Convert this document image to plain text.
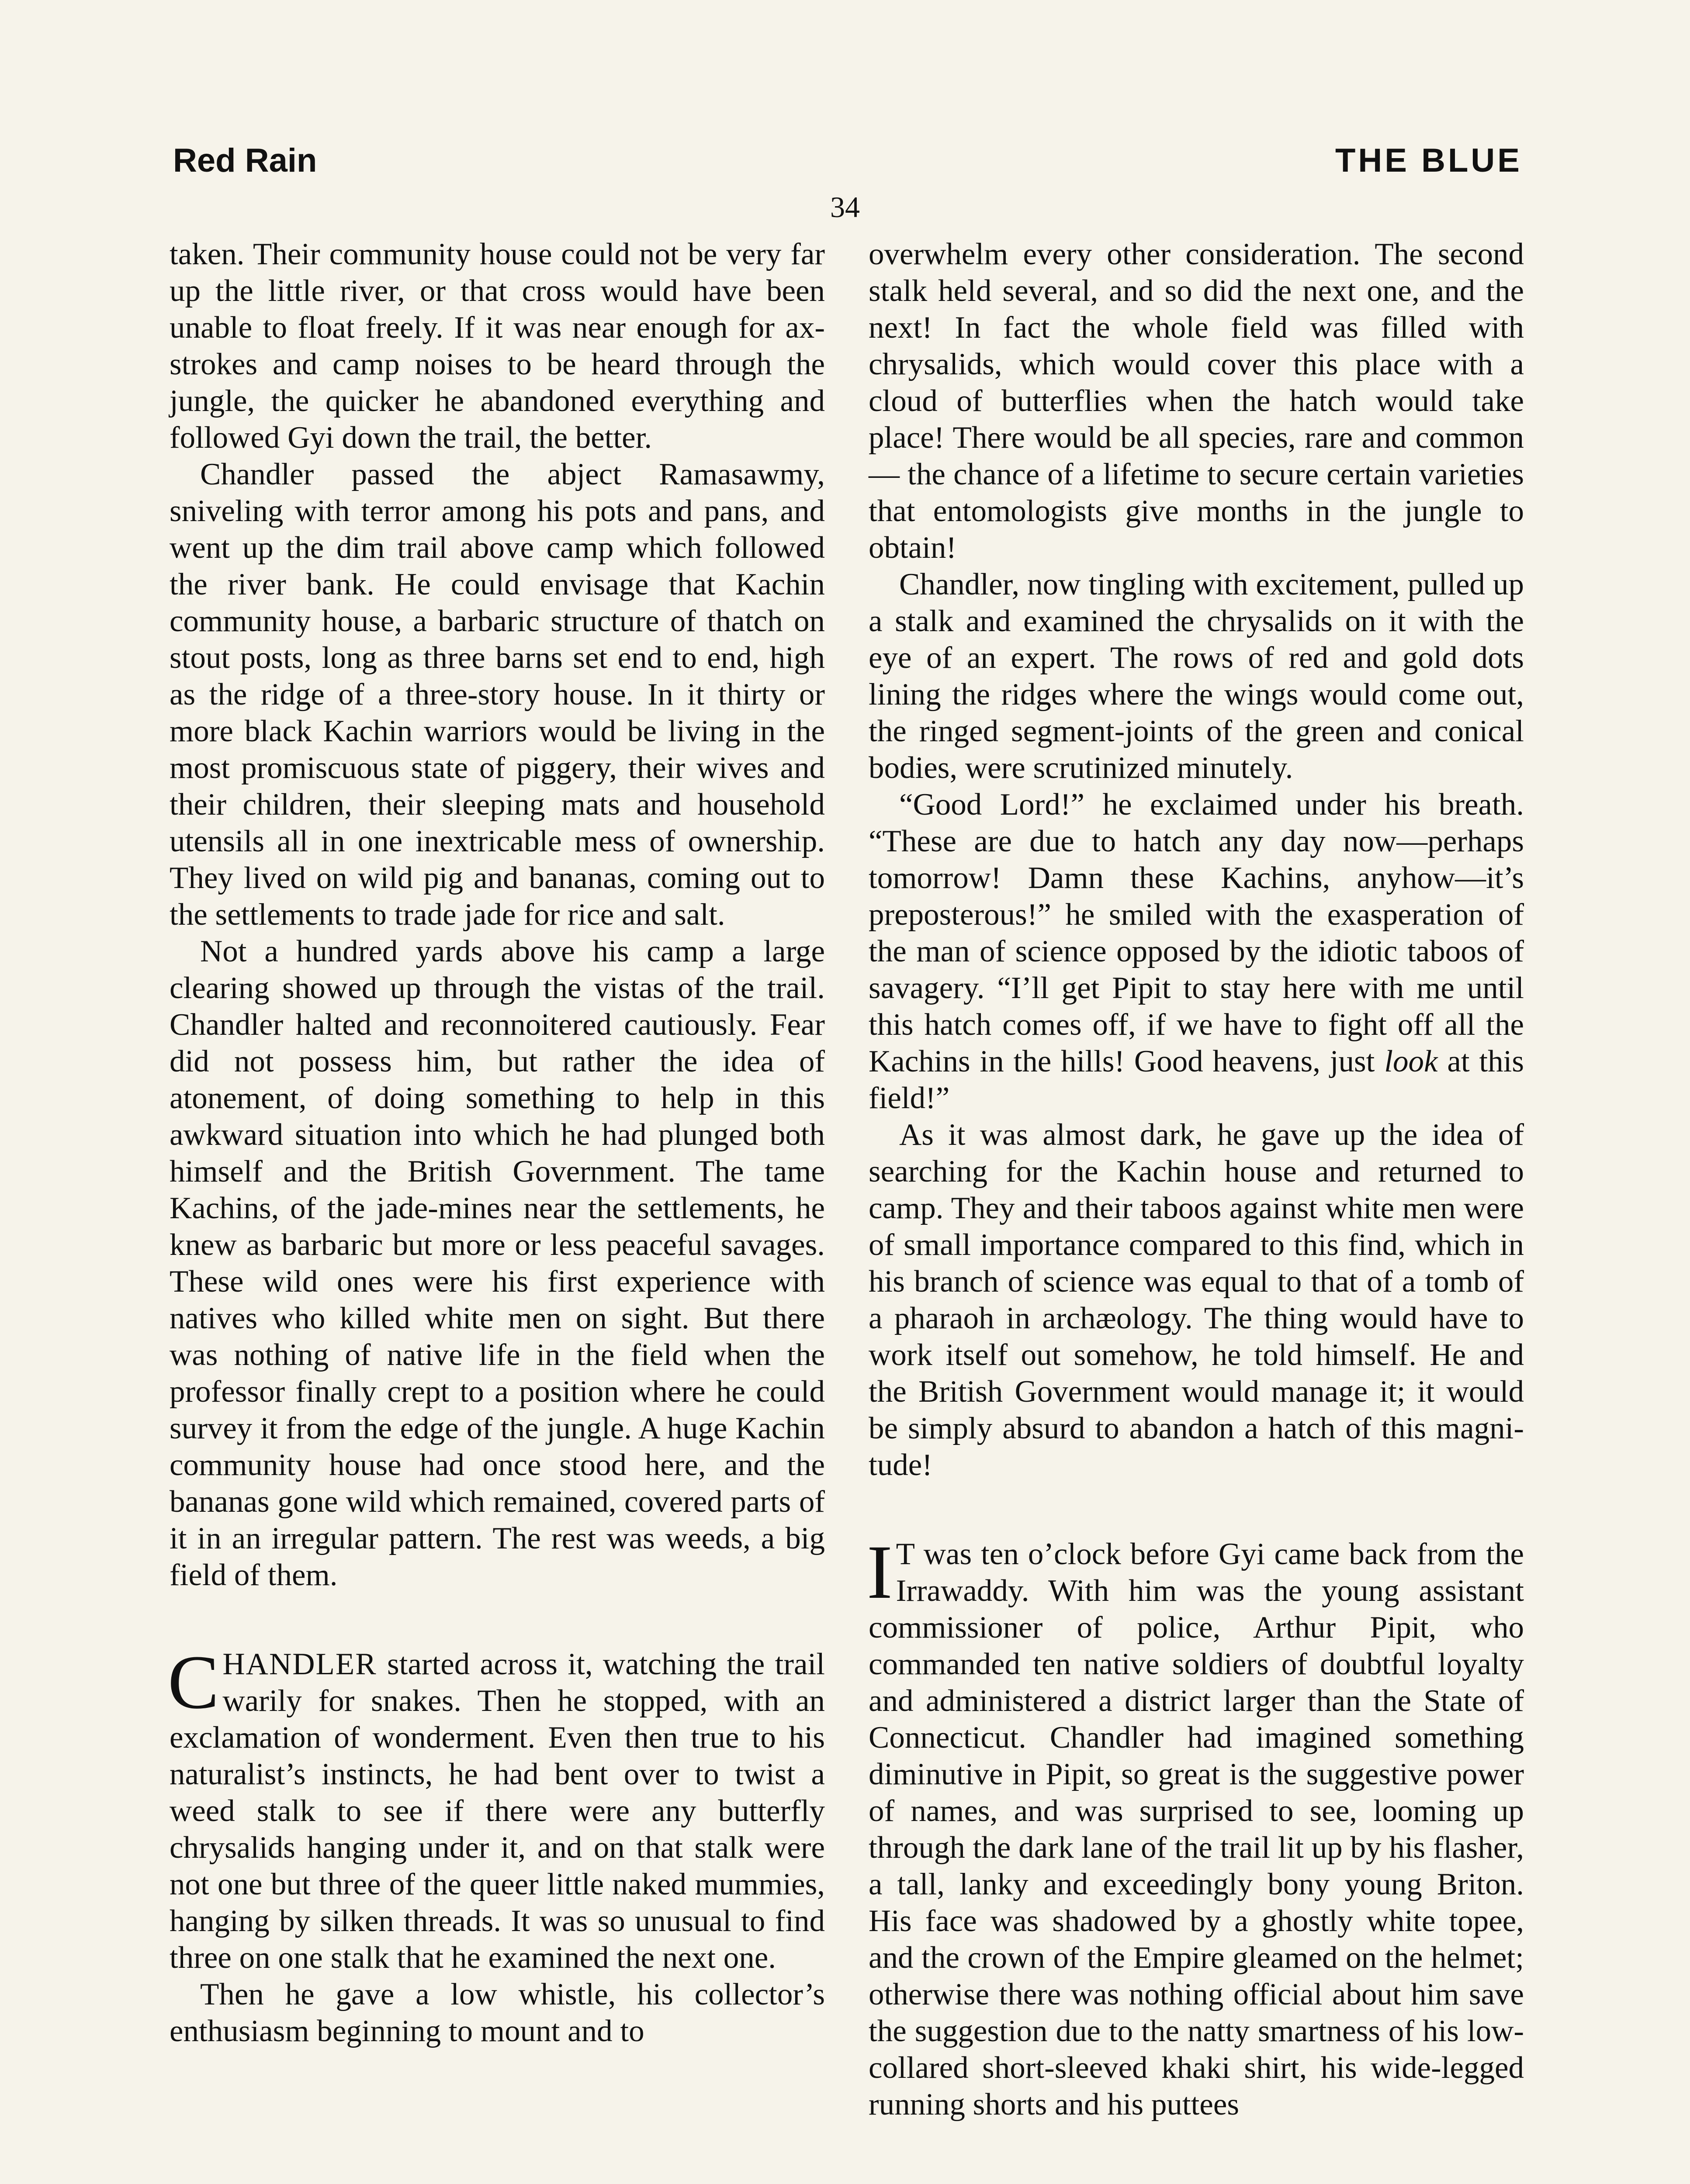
Red Rain	THE BLUE
34

taken. Their community house could not be very far up the little river, or that cross would have been unable to float freely. If it was near enough for ax-strokes and camp noises to be heard through the jungle, the quicker he abandoned everything and followed Gyi down the trail, the better.

Chandler passed the abject Ramasawmy, sniveling with terror among his pots and pans, and went up the dim trail above camp which followed the river bank. He could envisage that Kachin community house, a barbaric structure of thatch on stout posts, long as three barns set end to end, high as the ridge of a three-story house. In it thirty or more black Kachin warriors would be living in the most promiscuous state of piggery, their wives and their children, their sleeping mats and household utensils all in one inextricable mess of ownership. They lived on wild pig and bananas, coming out to the settlements to trade jade for rice and salt.

Not a hundred yards above his camp a large clearing showed up through the vistas of the trail. Chandler halted and reconnoitered cautiously. Fear did not possess him, but rather the idea of atonement, of doing something to help in this awkward situation into which he had plunged both himself and the British Government. The tame Kachins, of the jade-mines near the settlements, he knew as barbaric but more or less peaceful savages. These wild ones were his first experience with natives who killed white men on sight. But there was nothing of native life in the field when the professor finally crept to a position where he could survey it from the edge of the jungle. A huge Kachin community house had once stood here, and the bananas gone wild which remained, covered parts of it in an irregular pattern. The rest was weeds, a big field of them.

CHANDLER started across it, watching the trail warily for snakes. Then he stopped, with an exclamation of wonderment. Even then true to his naturalist’s instincts, he had bent over to twist a weed stalk to see if there were any butterfly chrysalids hanging under it, and on that stalk were not one but three of the queer little naked mummies, hanging by silken threads. It was so unusual to find three on one stalk that he examined the next one.

Then he gave a low whistle, his collector’s enthusiasm beginning to mount and to

overwhelm every other consideration. The second stalk held several, and so did the next one, and the next! In fact the whole field was filled with chrysalids, which would cover this place with a cloud of butterflies when the hatch would take place! There would be all species, rare and common— the chance of a lifetime to secure certain varieties that entomologists give months in the jungle to obtain!

Chandler, now tingling with excitement, pulled up a stalk and examined the chrysalids on it with the eye of an expert. The rows of red and gold dots lining the ridges where the wings would come out, the ringed segment-joints of the green and conical bodies, were scrutinized minutely.

“Good Lord!” he exclaimed under his breath. “These are due to hatch any day now—perhaps tomorrow! Damn these Kachins, anyhow—it’s preposterous!” he smiled with the exasperation of the man of science opposed by the idiotic taboos of savagery. “I’ll get Pipit to stay here with me until this hatch comes off, if we have to fight off all the Kachins in the hills! Good heavens, just look at this field!”

As it was almost dark, he gave up the idea of searching for the Kachin house and returned to camp. They and their taboos against white men were of small importance compared to this find, which in his branch of science was equal to that of a tomb of a pharaoh in archæology. The thing would have to work itself out somehow, he told himself. He and the British Government would manage it; it would be simply absurd to abandon a hatch of this magnitude!

I T was ten o’clock before Gyi came back from the Irrawaddy. With him was the young assistant commissioner of police, Arthur Pipit, who commanded ten native soldiers of doubtful loyalty and administered a district larger than the State of Connecticut. Chandler had imagined something diminutive in Pipit, so great is the suggestive power of names, and was surprised to see, looming up through the dark lane of the trail lit up by his flasher, a tall, lanky and exceedingly bony young Briton. His face was shadowed by a ghostly white topee, and the crown of the Empire gleamed on the helmet; otherwise there was nothing official about him save the suggestion due to the natty smartness of his low-collared short-sleeved khaki shirt, his wide-legged running shorts and his puttees
